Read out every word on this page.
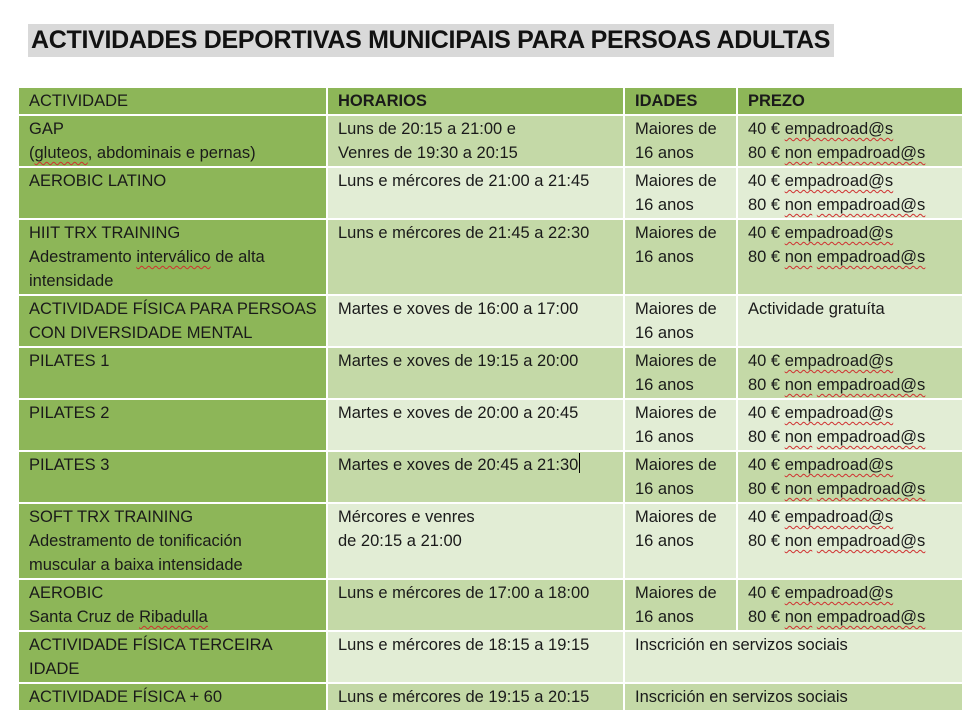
ACTIVIDADES DEPORTIVAS MUNICIPAIS PARA PERSOAS ADULTAS
ACTIVIDADE	HORARIOS	IDADES	PREZO

GAP
(gluteos, abdominais e pernas)	Luns de 20:15 a 21:00 e
Venres de 19:30 a 20:15	Maiores de
16 anos	40 € empadroad@s
80 € non empadroad@s

AEROBIC LATINO	Luns e mércores de 21:00 a 21:45	Maiores de
16 anos	40 € empadroad@s
80 € non empadroad@s

HIIT TRX TRAINING
Adestramento interválico de alta
intensidade	Luns e mércores de 21:45 a 22:30	Maiores de
16 anos	40 € empadroad@s
80 € non empadroad@s

ACTIVIDADE FÍSICA PARA PERSOAS
CON DIVERSIDADE MENTAL	Martes e xoves de 16:00 a 17:00	Maiores de
16 anos	Actividade gratuíta

PILATES 1	Martes e xoves de 19:15 a 20:00	Maiores de
16 anos	40 € empadroad@s
80 € non empadroad@s

PILATES 2	Martes e xoves de 20:00 a 20:45	Maiores de
16 anos	40 € empadroad@s
80 € non empadroad@s

PILATES 3	Martes e xoves de 20:45 a 21:30	Maiores de
16 anos	40 € empadroad@s
80 € non empadroad@s

SOFT TRX TRAINING
Adestramento de tonificación
muscular a baixa intensidade	Mércores e venres
de 20:15 a 21:00	Maiores de
16 anos	40 € empadroad@s
80 € non empadroad@s

AEROBIC
Santa Cruz de Ribadulla	Luns e mércores de 17:00 a 18:00	Maiores de
16 anos	40 € empadroad@s
80 € non empadroad@s

ACTIVIDADE FÍSICA TERCEIRA
IDADE	Luns e mércores de 18:15 a 19:15	Inscrición en servizos sociais	

ACTIVIDADE FÍSICA + 60	Luns e mércores de 19:15 a 20:15	Inscrición en servizos sociais	
